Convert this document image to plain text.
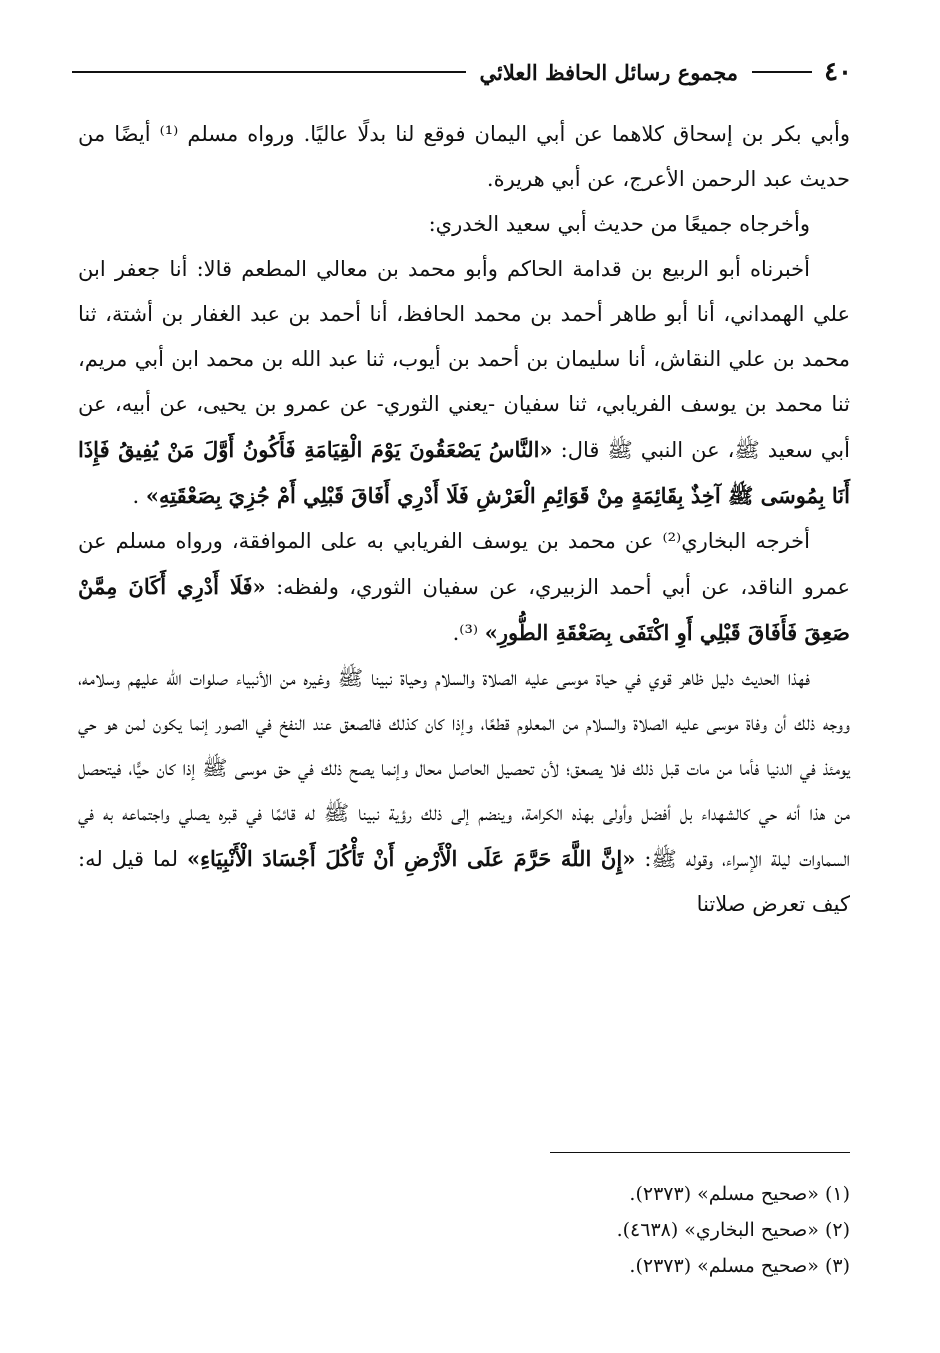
٤٠
مجموع رسائل الحافظ العلائي

وأبي بكر بن إسحاق كلاهما عن أبي اليمان فوقع لنا بدلًا عاليًا. ورواه مسلم ⁽¹⁾ أيضًا من حديث عبد الرحمن الأعرج، عن أبي هريرة.

وأخرجاه جميعًا من حديث أبي سعيد الخدري:

أخبرناه أبو الربيع بن قدامة الحاكم وأبو محمد بن معالي المطعم قالا: أنا جعفر ابن علي الهمداني، أنا أبو طاهر أحمد بن محمد الحافظ، أنا أحمد بن عبد الغفار بن أشتة، ثنا محمد بن علي النقاش، أنا سليمان بن أحمد بن أيوب، ثنا عبد الله بن محمد ابن أبي مريم، ثنا محمد بن يوسف الفريابي، ثنا سفيان -يعني الثوري- عن عمرو بن يحيى، عن أبيه، عن أبي سعيد ﷺ، عن النبي ﷺ قال: «النَّاسُ يَصْعَقُونَ يَوْمَ الْقِيَامَةِ فَأَكُونُ أَوَّلَ مَنْ يُفِيقُ فَإِذَا أَنَا بِمُوسَى ﷺ آخِذٌ بِقَائِمَةٍ مِنْ قَوَائِمِ الْعَرْشِ فَلَا أَدْرِي أَفَاقَ قَبْلِي أَمْ جُزِيَ بِصَعْقَتِهِ» .

أخرجه البخاري⁽²⁾ عن محمد بن يوسف الفريابي به على الموافقة، ورواه مسلم عن عمرو الناقد، عن أبي أحمد الزبيري، عن سفيان الثوري، ولفظه: «فَلَا أَدْرِي أَكَانَ مِمَّنْ صَعِقَ فَأَفَاقَ قَبْلِي أَوِ اكْتَفَى بِصَعْقَةِ الطُّورِ» ⁽³⁾.

فهذا الحديث دليل ظاهر قوي في حياة موسى عليه الصلاة والسلام وحياة نبينا ﷺ وغيره من الأنبياء صلوات الله عليهم وسلامه، ووجه ذلك أن وفاة موسى عليه الصلاة والسلام من المعلوم قطعًا، وإذا كان كذلك فالصعق عند النفخ في الصور إنما يكون لمن هو حي يومئذ في الدنيا فأما من مات قبل ذلك فلا يصعق؛ لأن تحصيل الحاصل محال وإنما يصح ذلك في حق موسى ﷺ إذا كان حيًّا، فيتحصل من هذا أنه حي كالشهداء بل أفضل وأولى بهذه الكرامة، وينضم إلى ذلك رؤية نبينا ﷺ له قائمًا في قبره يصلي واجتماعه به في السماوات ليلة الإسراء، وقوله ﷺ: «إِنَّ اللَّهَ حَرَّمَ عَلَى الْأَرْضِ أَنْ تَأْكُلَ أَجْسَادَ الْأَنْبِيَاءِ» لما قيل له: كيف تعرض صلاتنا

(١) «صحيح مسلم» (٢٣٧٣).

(٢) «صحيح البخاري» (٤٦٣٨).

(٣) «صحيح مسلم» (٢٣٧٣).
